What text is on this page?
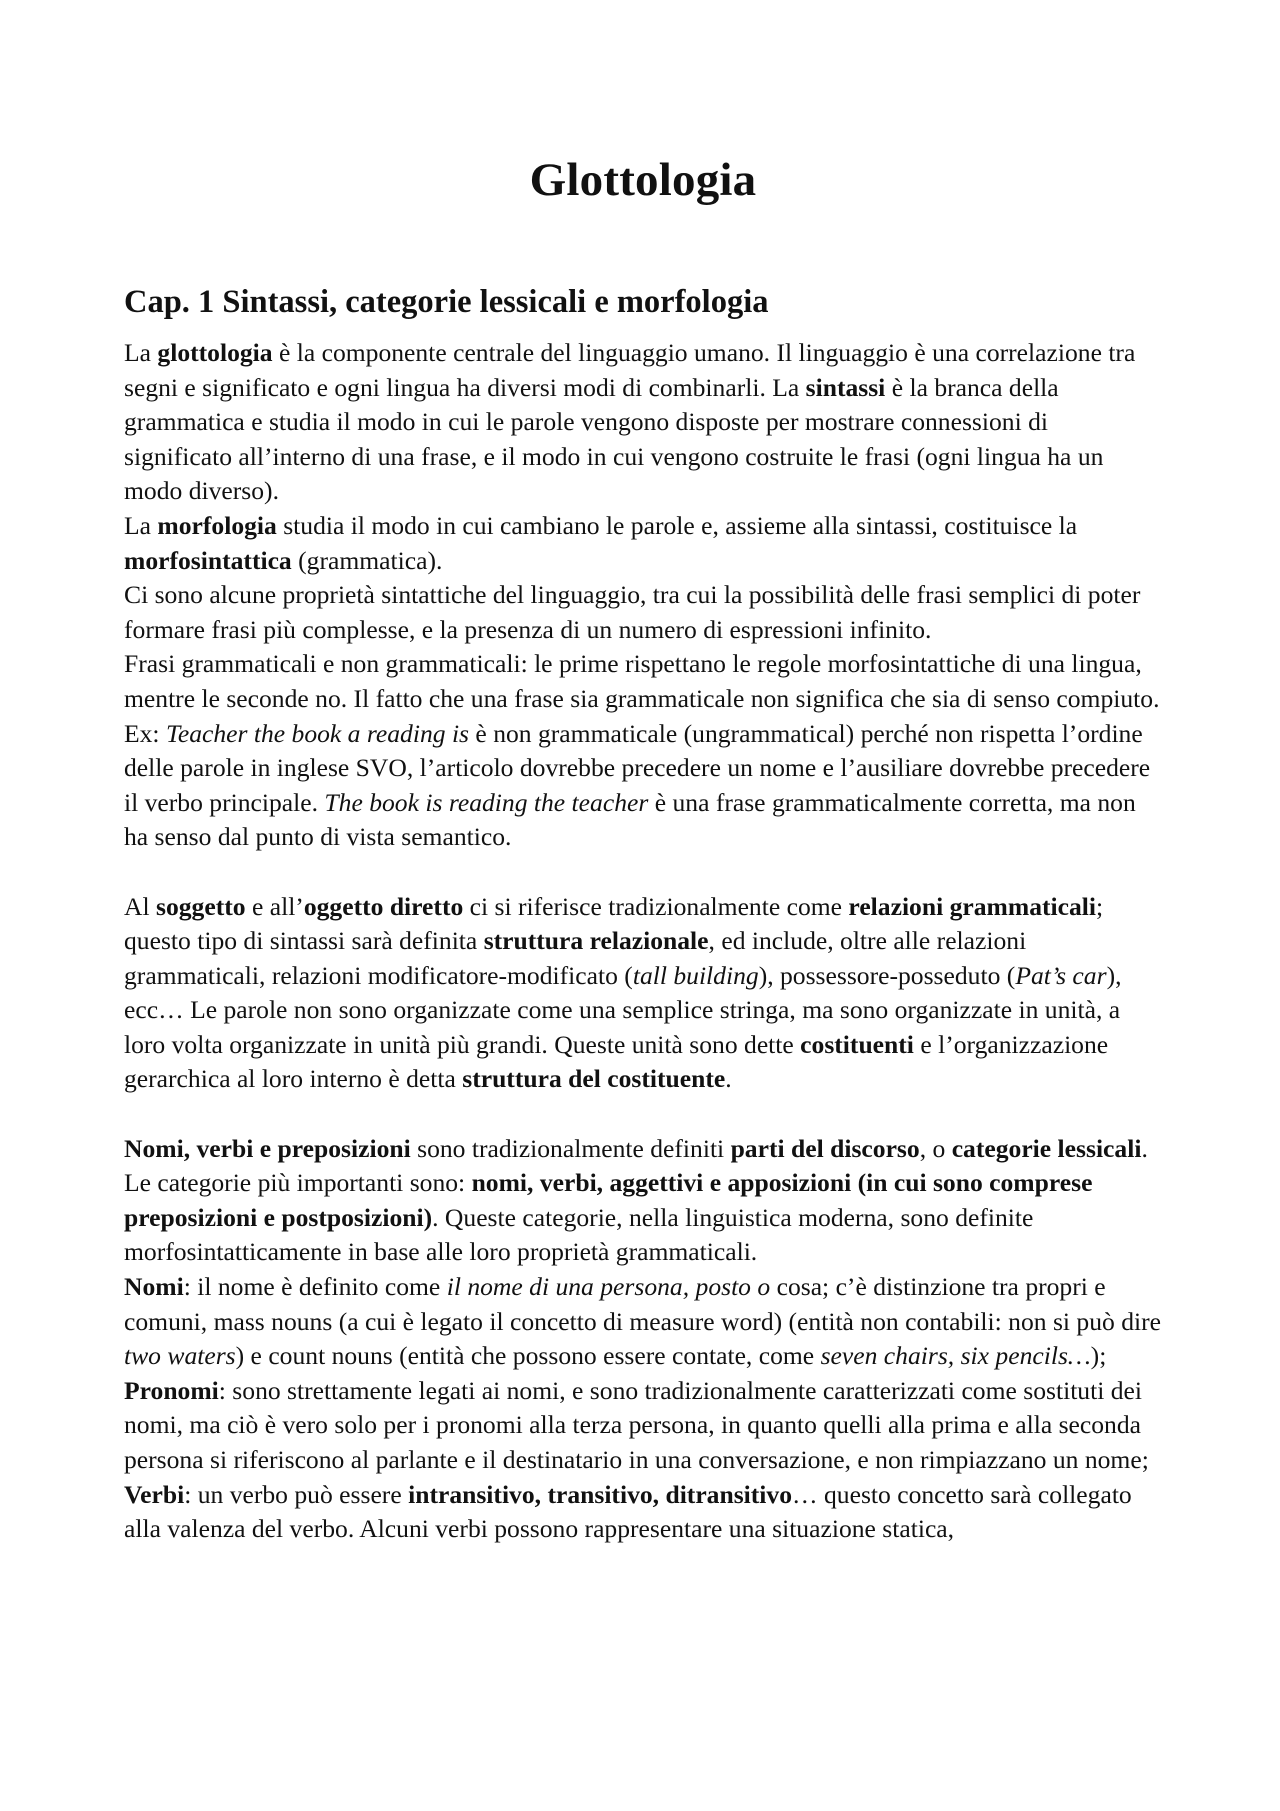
Glottologia
Cap. 1 Sintassi, categorie lessicali e morfologia

La glottologia è la componente centrale del linguaggio umano. Il linguaggio è una correlazione tra segni e significato e ogni lingua ha diversi modi di combinarli. La sintassi è la branca della grammatica e studia il modo in cui le parole vengono disposte per mostrare connessioni di significato all’interno di una frase, e il modo in cui vengono costruite le frasi (ogni lingua ha un modo diverso).

La morfologia studia il modo in cui cambiano le parole e, assieme alla sintassi, costituisce la morfosintattica (grammatica).

Ci sono alcune proprietà sintattiche del linguaggio, tra cui la possibilità delle frasi semplici di poter formare frasi più complesse, e la presenza di un numero di espressioni infinito.

Frasi grammaticali e non grammaticali: le prime rispettano le regole morfosintattiche di una lingua, mentre le seconde no. Il fatto che una frase sia grammaticale non significa che sia di senso compiuto. Ex: Teacher the book a reading is è non grammaticale (ungrammatical) perché non rispetta l’ordine delle parole in inglese SVO, l’articolo dovrebbe precedere un nome e l’ausiliare dovrebbe precedere il verbo principale. The book is reading the teacher è una frase grammaticalmente corretta, ma non ha senso dal punto di vista semantico.

Al soggetto e all’oggetto diretto ci si riferisce tradizionalmente come relazioni grammaticali; questo tipo di sintassi sarà definita struttura relazionale, ed include, oltre alle relazioni grammaticali, relazioni modificatore-modificato (tall building), possessore-posseduto (Pat’s car), ecc… Le parole non sono organizzate come una semplice stringa, ma sono organizzate in unità, a loro volta organizzate in unità più grandi. Queste unità sono dette costituenti e l’organizzazione gerarchica al loro interno è detta struttura del costituente.

Nomi, verbi e preposizioni sono tradizionalmente definiti parti del discorso, o categorie lessicali. Le categorie più importanti sono: nomi, verbi, aggettivi e apposizioni (in cui sono comprese preposizioni e postposizioni). Queste categorie, nella linguistica moderna, sono definite morfosintatticamente in base alle loro proprietà grammaticali.

Nomi: il nome è definito come il nome di una persona, posto o cosa; c’è distinzione tra propri e comuni, mass nouns (a cui è legato il concetto di measure word) (entità non contabili: non si può dire two waters) e count nouns (entità che possono essere contate, come seven chairs, six pencils…);

Pronomi: sono strettamente legati ai nomi, e sono tradizionalmente caratterizzati come sostituti dei nomi, ma ciò è vero solo per i pronomi alla terza persona, in quanto quelli alla prima e alla seconda persona si riferiscono al parlante e il destinatario in una conversazione, e non rimpiazzano un nome;

Verbi: un verbo può essere intransitivo, transitivo, ditransitivo… questo concetto sarà collegato alla valenza del verbo. Alcuni verbi possono rappresentare una situazione statica,
